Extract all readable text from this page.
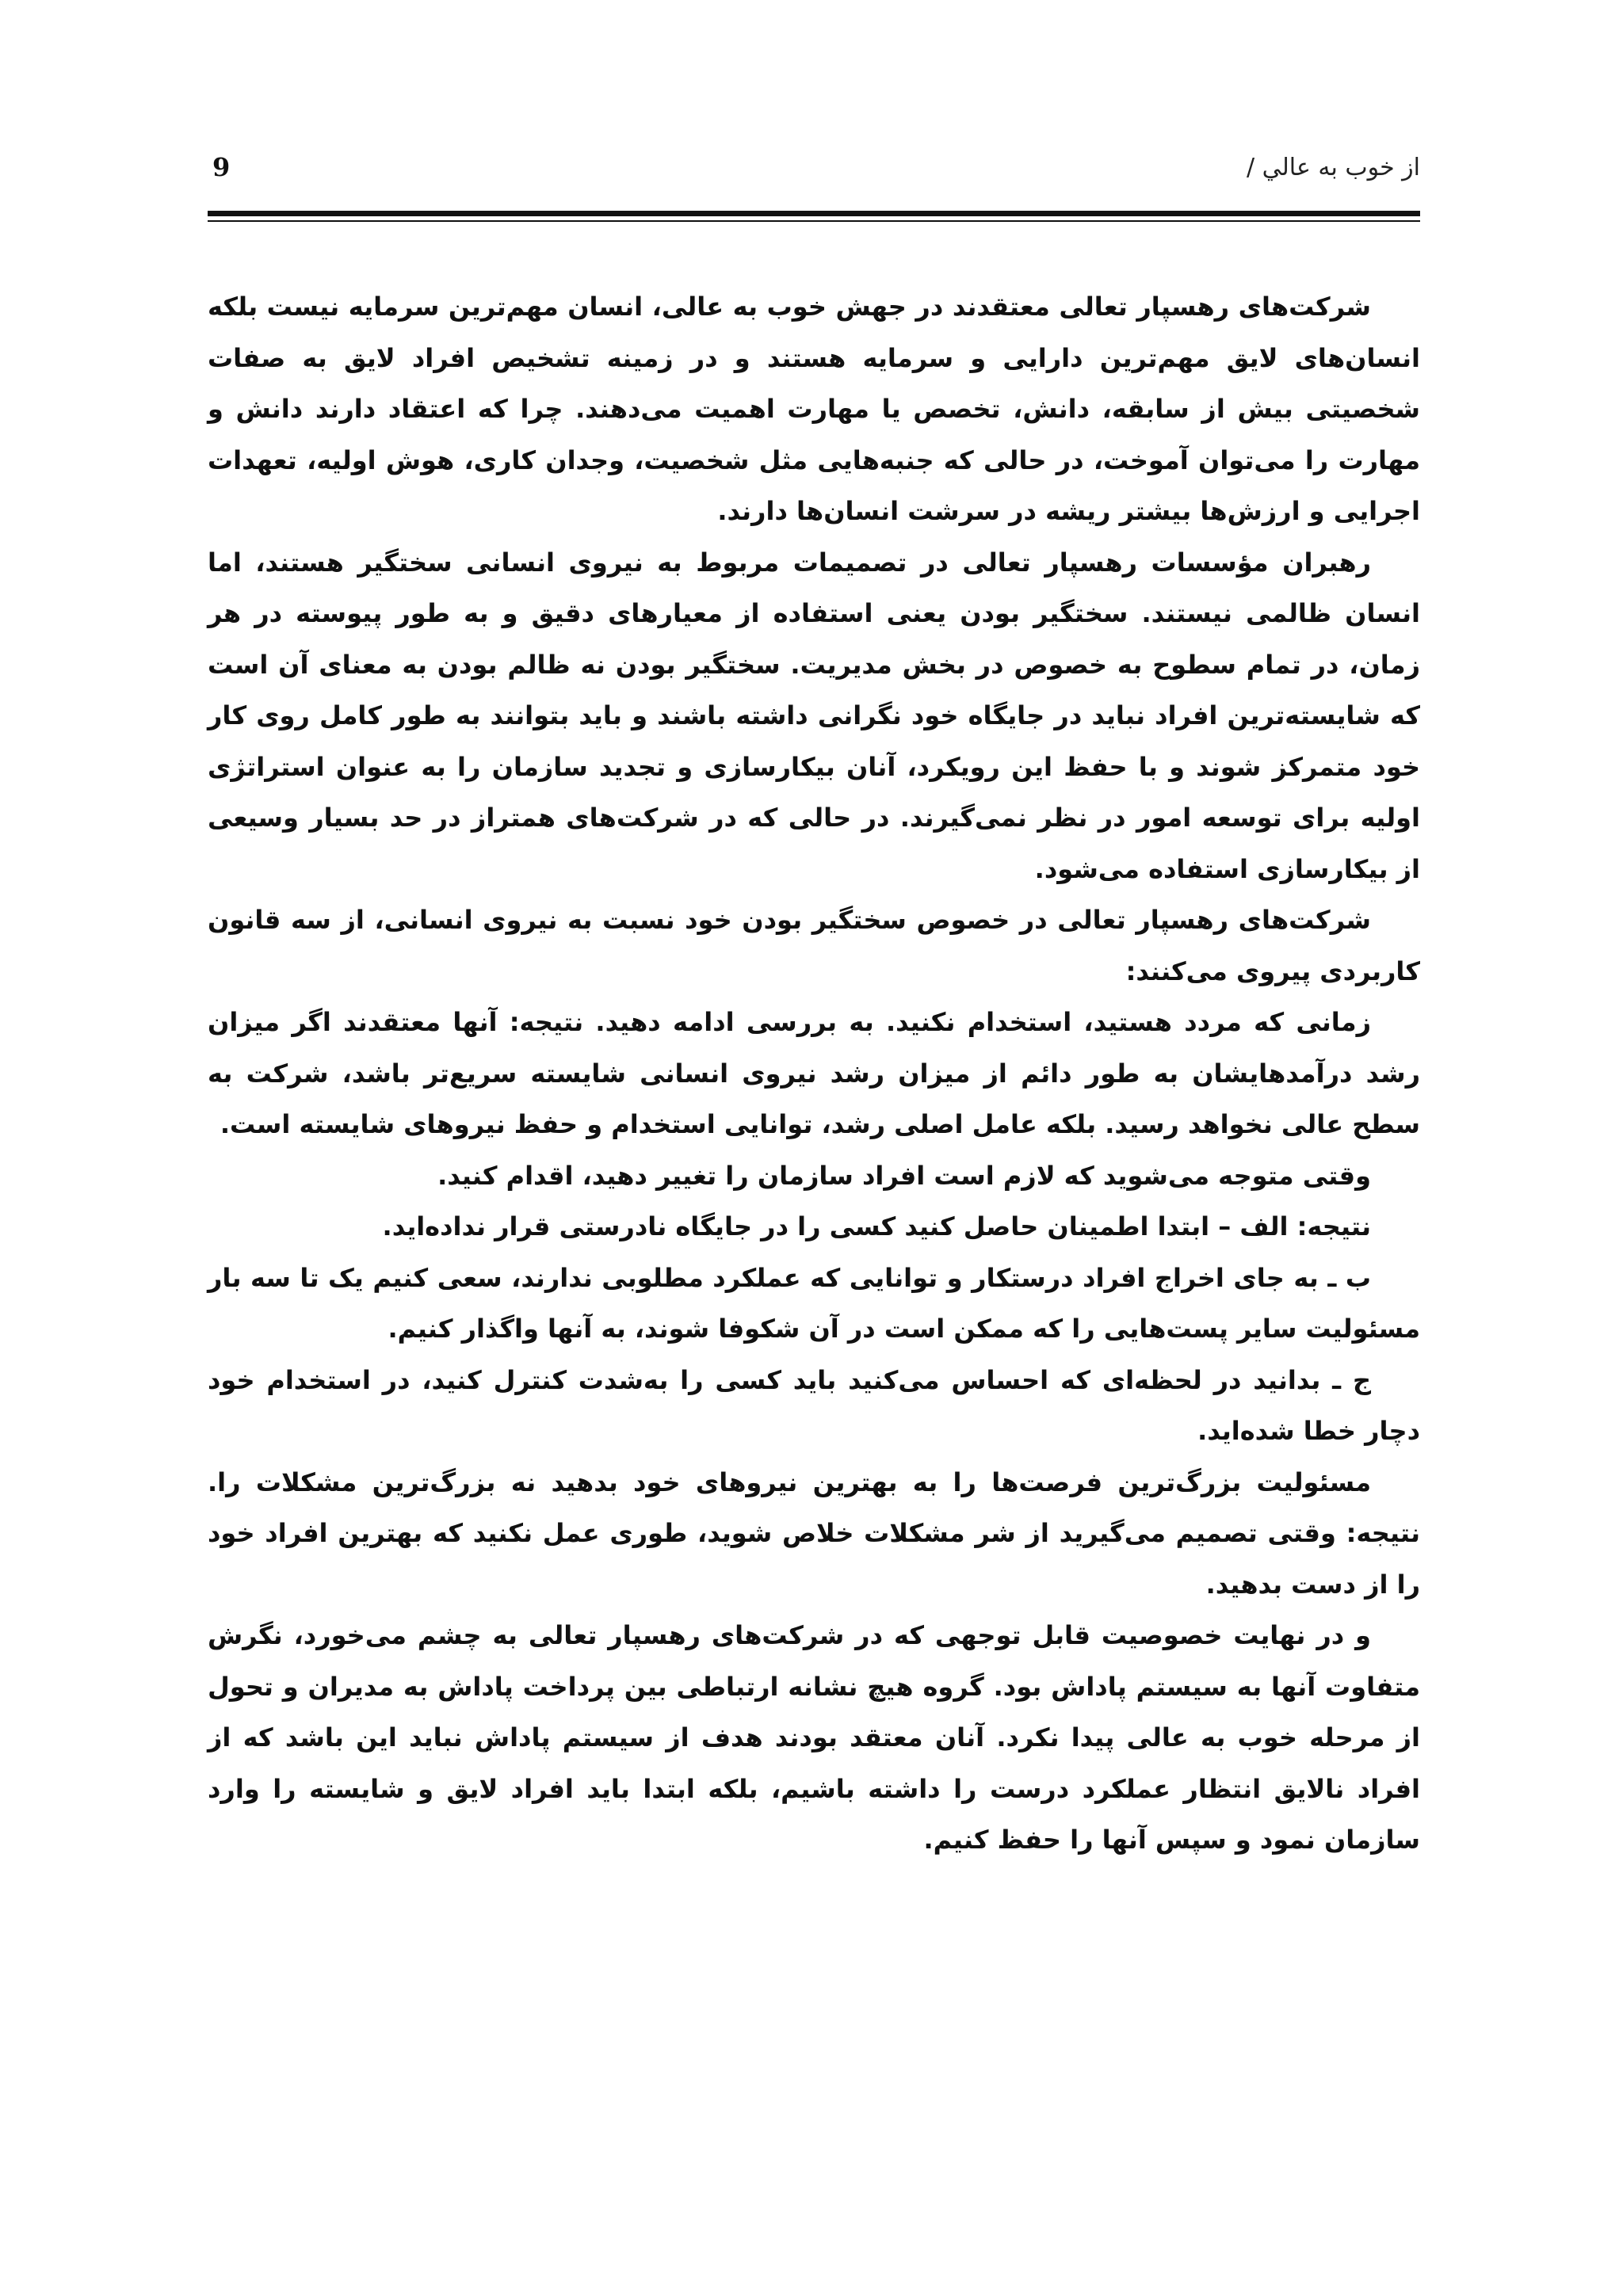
از خوب به عالي /
9

شرکت‌های رهسپار تعالی معتقدند در جهش خوب به عالی، انسان مهم‌ترین سرمایه نیست بلکه انسان‌های لایق مهم‌ترین دارایی و سرمایه هستند و در زمینه تشخیص افراد لایق به صفات شخصیتی بیش از سابقه، دانش، تخصص یا مهارت اهمیت می‌دهند. چرا که اعتقاد دارند دانش و مهارت را می‌توان آموخت، در حالی که جنبه‌هایی مثل شخصیت، وجدان کاری، هوش اولیه، تعهدات اجرایی و ارزش‌ها بیشتر ریشه در سرشت انسان‌ها دارند.

رهبران مؤسسات رهسپار تعالی در تصمیمات مربوط به نیروی انسانی سختگیر هستند، اما انسان ظالمی نیستند. سختگیر بودن یعنی استفاده از معیارهای دقیق و به طور پیوسته در هر زمان، در تمام سطوح به خصوص در بخش مدیریت. سختگیر بودن نه ظالم بودن به معنای آن است که شایسته‌ترین افراد نباید در جایگاه خود نگرانی داشته باشند و باید بتوانند به طور کامل روی کار خود متمرکز شوند و با حفظ این رویکرد، آنان بیکارسازی و تجدید سازمان را به عنوان استراتژی اولیه برای توسعه امور در نظر نمی‌گیرند. در حالی که در شرکت‌های همتراز در حد بسیار وسیعی از بیکارسازی استفاده می‌شود.

شرکت‌های رهسپار تعالی در خصوص سختگیر بودن خود نسبت به نیروی انسانی، از سه قانون کاربردی پیروی می‌کنند:

زمانی که مردد هستید، استخدام نکنید. به بررسی ادامه دهید. نتیجه: آنها معتقدند اگر میزان رشد درآمدهایشان به طور دائم از میزان رشد نیروی انسانی شایسته سریع‌تر باشد، شرکت به سطح عالی نخواهد رسید. بلکه عامل اصلی رشد، توانایی استخدام و حفظ نیروهای شایسته است.

وقتی متوجه می‌شوید که لازم است افراد سازمان را تغییر دهید، اقدام کنید.

نتیجه: الف – ابتدا اطمینان حاصل کنید کسی را در جایگاه نادرستی قرار نداده‌اید.

ب ـ به جای اخراج افراد درستکار و توانایی که عملکرد مطلوبی ندارند، سعی کنیم یک تا سه بار مسئولیت سایر پست‌هایی را که ممکن است در آن شکوفا شوند، به آنها واگذار کنیم.

ج ـ بدانید در لحظه‌ای که احساس می‌کنید باید کسی را به‌شدت کنترل کنید، در استخدام خود دچار خطا شده‌اید.

مسئولیت بزرگ‌ترین فرصت‌ها را به بهترین نیروهای خود بدهید نه بزرگ‌ترین مشکلات را. نتیجه: وقتی تصمیم می‌گیرید از شر مشکلات خلاص شوید، طوری عمل نکنید که بهترین افراد خود را از دست بدهید.

و در نهایت خصوصیت قابل توجهی که در شرکت‌های رهسپار تعالی به چشم می‌خورد، نگرش متفاوت آنها به سیستم پاداش بود. گروه هیچ نشانه ارتباطی بین پرداخت پاداش به مدیران و تحول از مرحله خوب به عالی پیدا نکرد. آنان معتقد بودند هدف از سیستم پاداش نباید این باشد که از افراد نالایق انتظار عملکرد درست را داشته باشیم، بلکه ابتدا باید افراد لایق و شایسته را وارد سازمان نمود و سپس آنها را حفظ کنیم.
